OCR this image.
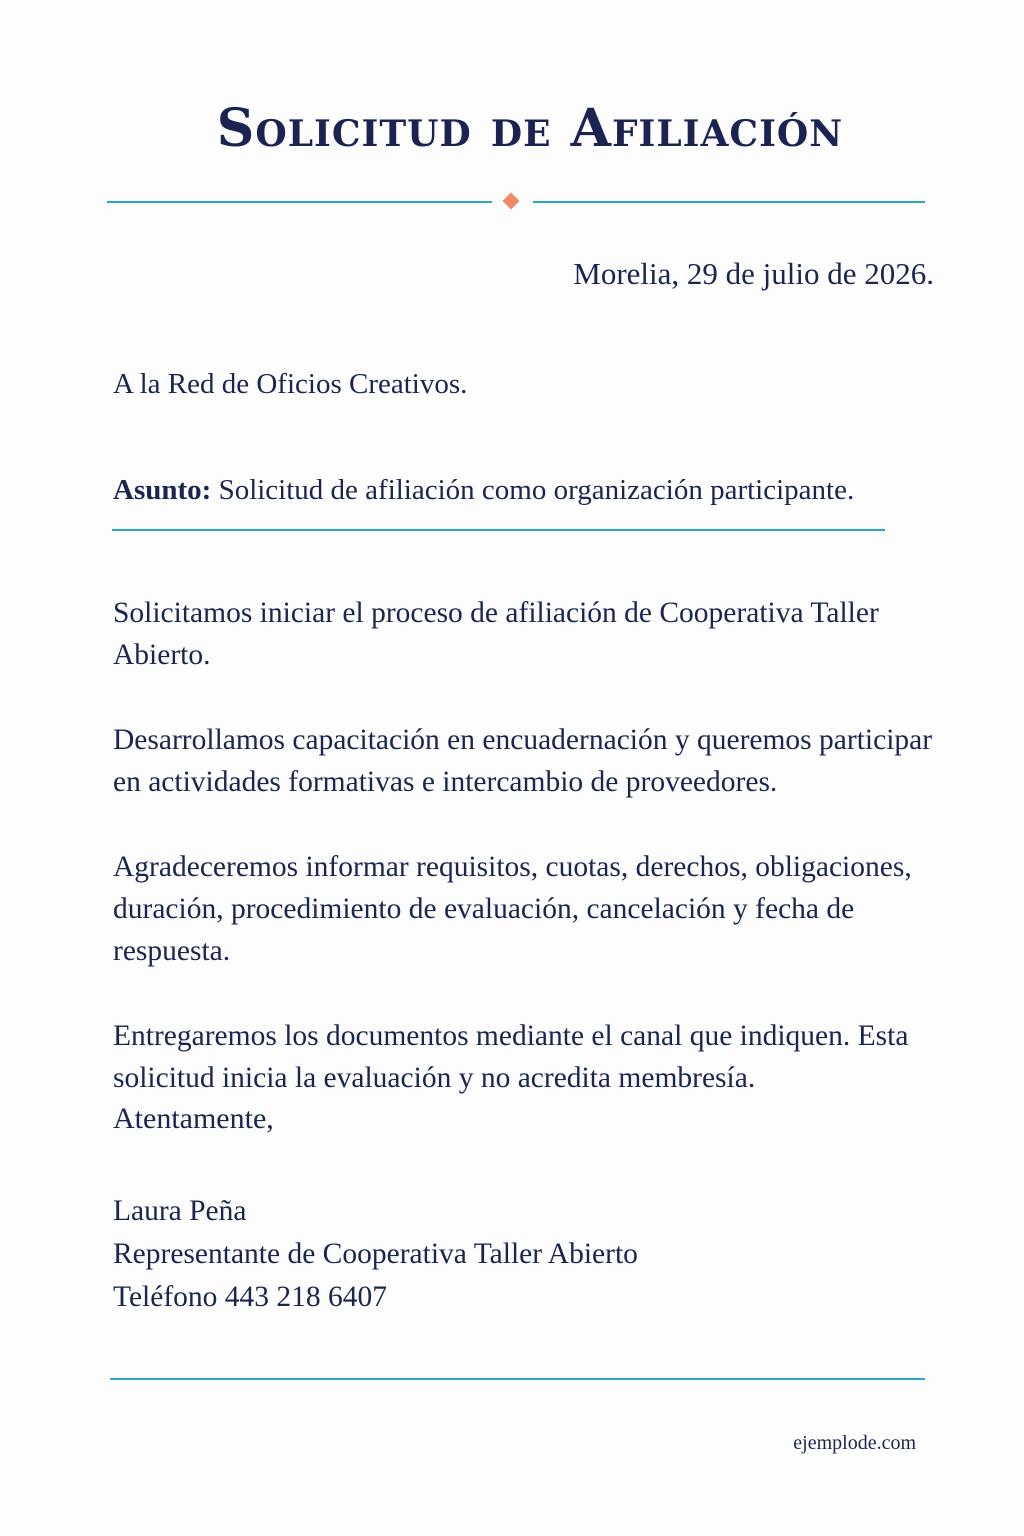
Solicitud de Afiliación

Morelia, 29 de julio de 2026.

A la Red de Oficios Creativos.

Asunto: Solicitud de afiliación como organización participante.

Solicitamos iniciar el proceso de afiliación de Cooperativa Taller Abierto.

Desarrollamos capacitación en encuadernación y queremos participar en actividades formativas e intercambio de proveedores.

Agradeceremos informar requisitos, cuotas, derechos, obligaciones, duración, procedimiento de evaluación, cancelación y fecha de respuesta.

Entregaremos los documentos mediante el canal que indiquen. Esta solicitud inicia la evaluación y no acredita membresía.

Atentamente,

Laura Peña
Representante de Cooperativa Taller Abierto
Teléfono 443 218 6407

ejemplode.com
